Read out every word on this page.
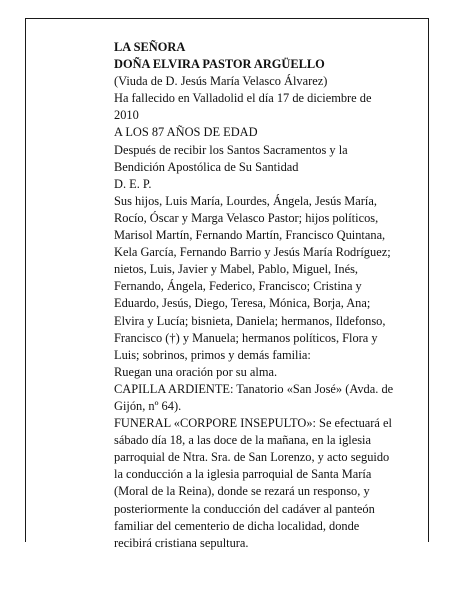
LA SEÑORA

DOÑA ELVIRA PASTOR ARGÜELLO

(Viuda de D. Jesús María Velasco Álvarez)

Ha fallecido en Valladolid el día 17 de diciembre de

2010

A LOS 87 AÑOS DE EDAD

Después de recibir los Santos Sacramentos y la

Bendición Apostólica de Su Santidad

D. E. P.

Sus hijos, Luis María, Lourdes, Ángela, Jesús María,

Rocío, Óscar y Marga Velasco Pastor; hijos políticos,

Marisol Martín, Fernando Martín, Francisco Quintana,

Kela García, Fernando Barrio y Jesús María Rodríguez;

nietos, Luis, Javier y Mabel, Pablo, Miguel, Inés,

Fernando, Ángela, Federico, Francisco; Cristina y

Eduardo, Jesús, Diego, Teresa, Mónica, Borja, Ana;

Elvira y Lucía; bisnieta, Daniela; hermanos, Ildefonso,

Francisco (†) y Manuela; hermanos políticos, Flora y

Luis; sobrinos, primos y demás familia:

Ruegan una oración por su alma.

CAPILLA ARDIENTE: Tanatorio «San José» (Avda. de

Gijón, nº 64).

FUNERAL «CORPORE INSEPULTO»: Se efectuará el

sábado día 18, a las doce de la mañana, en la iglesia

parroquial de Ntra. Sra. de San Lorenzo, y acto seguido

la conducción a la iglesia parroquial de Santa María

(Moral de la Reina), donde se rezará un responso, y

posteriormente la conducción del cadáver al panteón

familiar del cementerio de dicha localidad, donde

recibirá cristiana sepultura.
